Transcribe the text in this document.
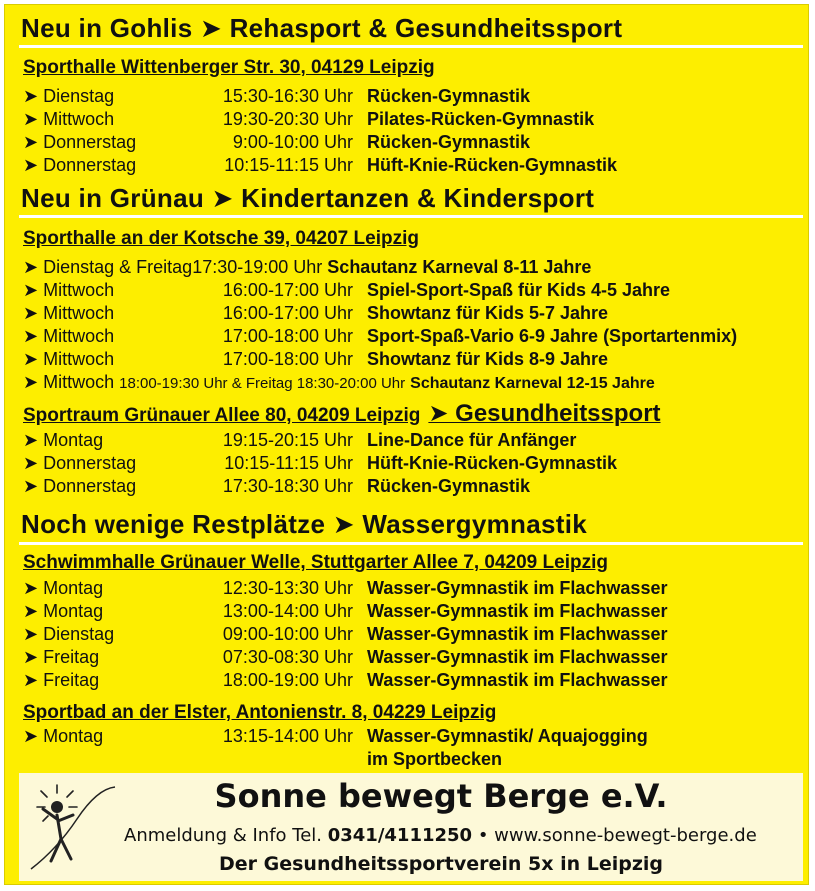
Neu in Gohlis ➤ Rehasport & Gesundheitssport
Sporthalle Wittenberger Str. 30, 04129 Leipzig
➤ Dienstag	15:30-16:30 Uhr Rücken-Gymnastik
➤ Mittwoch	19:30-20:30 Uhr Pilates-Rücken-Gymnastik
➤ Donnerstag	9:00-10:00 Uhr Rücken-Gymnastik
➤ Donnerstag	10:15-11:15 Uhr Hüft-Knie-Rücken-Gymnastik
Neu in Grünau ➤ Kindertanzen & Kindersport
Sporthalle an der Kotsche 39, 04207 Leipzig
➤ Dienstag & Freitag17:30-19:00 Uhr Schautanz Karneval 8-11 Jahre
➤ Mittwoch	16:00-17:00 Uhr Spiel-Sport-Spaß für Kids 4-5 Jahre
➤ Mittwoch	16:00-17:00 Uhr Showtanz für Kids 5-7 Jahre
➤ Mittwoch	17:00-18:00 Uhr Sport-Spaß-Vario 6-9 Jahre (Sportartenmix)
➤ Mittwoch	17:00-18:00 Uhr Showtanz für Kids 8-9 Jahre
➤ Mittwoch 18:00-19:30 Uhr & Freitag 18:30-20:00 Uhr Schautanz Karneval 12-15 Jahre
Sportraum Grünauer Allee 80, 04209 Leipzig ➤ Gesundheitssport
➤ Montag	19:15-20:15 Uhr Line-Dance für Anfänger
➤ Donnerstag	10:15-11:15 Uhr Hüft-Knie-Rücken-Gymnastik
➤ Donnerstag	17:30-18:30 Uhr Rücken-Gymnastik
Noch wenige Restplätze ➤ Wassergymnastik
Schwimmhalle Grünauer Welle, Stuttgarter Allee 7, 04209 Leipzig
➤ Montag	12:30-13:30 Uhr Wasser-Gymnastik im Flachwasser
➤ Montag	13:00-14:00 Uhr Wasser-Gymnastik im Flachwasser
➤ Dienstag	09:00-10:00 Uhr Wasser-Gymnastik im Flachwasser
➤ Freitag	07:30-08:30 Uhr Wasser-Gymnastik im Flachwasser
➤ Freitag	18:00-19:00 Uhr Wasser-Gymnastik im Flachwasser
Sportbad an der Elster, Antonienstr. 8, 04229 Leipzig
➤ Montag	13:15-14:00 Uhr Wasser-Gymnastik/ Aquajogging
im Sportbecken
Sonne bewegt Berge e.V.
Anmeldung & Info Tel. 0341/4111250 • www.sonne-bewegt-berge.de
Der Gesundheitssportverein 5x in Leipzig
